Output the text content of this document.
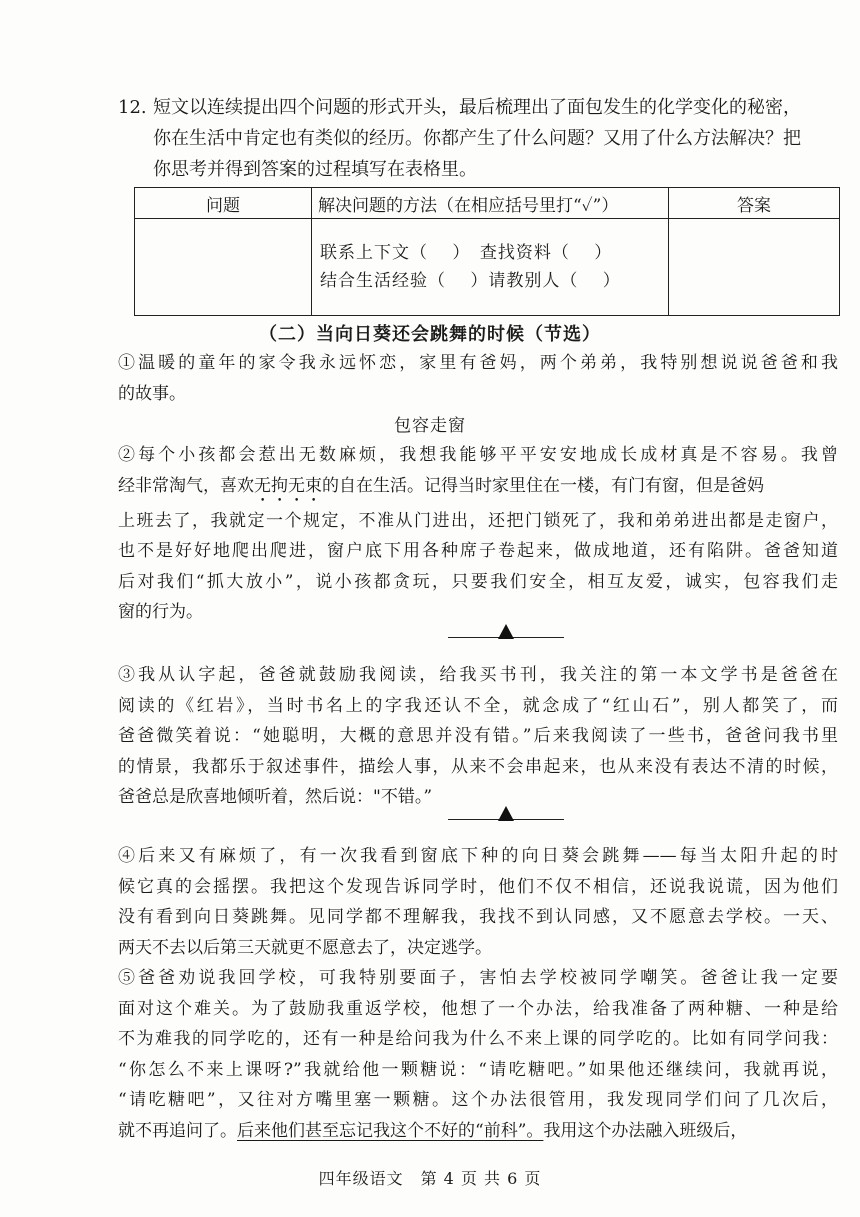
12. 短文以连续提出四个问题的形式开头，最后梳理出了面包发生的化学变化的秘密，
你在生活中肯定也有类似的经历。你都产生了什么问题？又用了什么方法解决？把
你思考并得到答案的过程填写在表格里。
问题	解决问题的方法（在相应括号里打“✓”）	答案

	联系上下文（　 ）　查找资料（　 ）
结合生活经验（　 ）请教别人（　 ）	

（二）当向日葵还会跳舞的时候（节选）
①温暖的童年的家令我永远怀恋，家里有爸妈，两个弟弟，我特别想说说爸爸和我
的故事。
包容走窗
②每个小孩都会惹出无数麻烦，我想我能够平平安安地成长成材真是不容易。我曾
经非常淘气，喜欢无拘无束的自在生活。记得当时家里住在一楼，有门有窗，但是爸妈
上班去了，我就定一个规定，不准从门进出，还把门锁死了，我和弟弟进出都是走窗户，
也不是好好地爬出爬进，窗户底下用各种席子卷起来，做成地道，还有陷阱。爸爸知道
后对我们“抓大放小”，说小孩都贪玩，只要我们安全，相互友爱，诚实，包容我们走
窗的行为。
③我从认字起，爸爸就鼓励我阅读，给我买书刊，我关注的第一本文学书是爸爸在
阅读的《红岩》，当时书名上的字我还认不全，就念成了“红山石”，别人都笑了，而
爸爸微笑着说：“她聪明，大概的意思并没有错。”后来我阅读了一些书，爸爸问我书里
的情景，我都乐于叙述事件，描绘人事，从来不会串起来，也从来没有表达不清的时候，
爸爸总是欣喜地倾听着，然后说："不错。”
④后来又有麻烦了，有一次我看到窗底下种的向日葵会跳舞——每当太阳升起的时
候它真的会摇摆。我把这个发现告诉同学时，他们不仅不相信，还说我说谎，因为他们
没有看到向日葵跳舞。见同学都不理解我，我找不到认同感，又不愿意去学校。一天、
两天不去以后第三天就更不愿意去了，决定逃学。
⑤爸爸劝说我回学校，可我特别要面子，害怕去学校被同学嘲笑。爸爸让我一定要
面对这个难关。为了鼓励我重返学校，他想了一个办法，给我准备了两种糖、一种是给
不为难我的同学吃的，还有一种是给问我为什么不来上课的同学吃的。比如有同学问我：
“你怎么不来上课呀?”我就给他一颗糖说：“请吃糖吧。”如果他还继续问，我就再说，
“请吃糖吧”，又往对方嘴里塞一颗糖。这个办法很管用，我发现同学们问了几次后，
就不再追问了。后来他们甚至忘记我这个不好的“前科”。我用这个办法融入班级后，
四年级语文　第 4 页 共 6 页
